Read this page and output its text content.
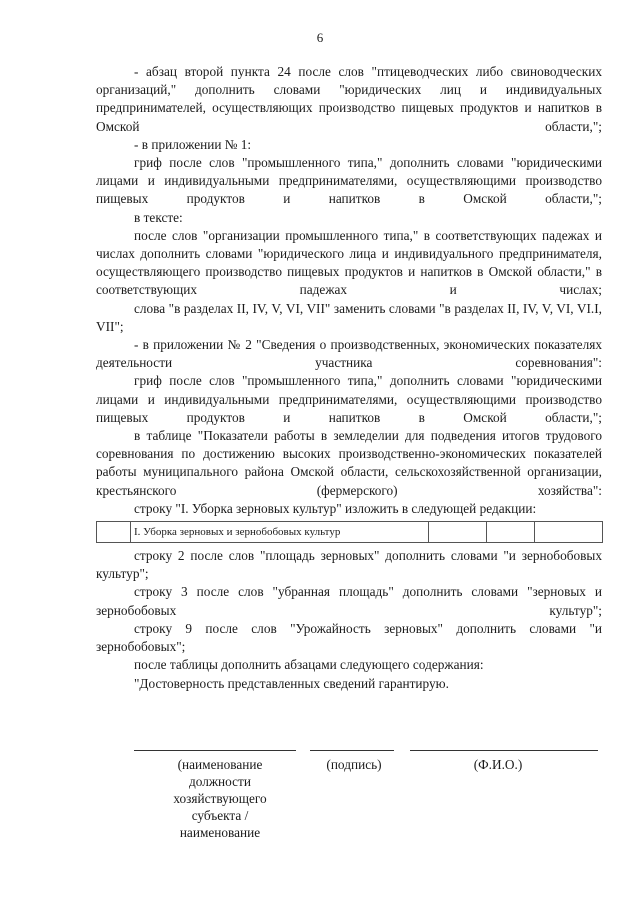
6

- абзац второй пункта 24 после слов "птицеводческих либо свиноводческих организаций," дополнить словами "юридических лиц и индивидуальных предпринимателей, осуществляющих производство пищевых продуктов и напитков в Омской области,";

- в приложении № 1:

гриф после слов "промышленного типа," дополнить словами "юридическими лицами и индивидуальными предпринимателями, осуществляющими производство пищевых продуктов и напитков в Омской области,";

в тексте:

после слов "организации промышленного типа," в соответствующих падежах и числах дополнить словами "юридического лица и индивидуального предпринимателя, осуществляющего производство пищевых продуктов и напитков в Омской области," в соответствующих падежах и числах;

слова "в разделах II, IV, V, VI, VII" заменить словами "в разделах II, IV, V, VI, VI.I, VII";

- в приложении № 2 "Сведения о производственных, экономических показателях деятельности участника соревнования":

гриф после слов "промышленного типа," дополнить словами "юридическими лицами и индивидуальными предпринимателями, осуществляющими производство пищевых продуктов и напитков в Омской области,";

в таблице "Показатели работы в земледелии для подведения итогов трудового соревнования по достижению высоких производственно-экономических показателей работы муниципального района Омской области, сельскохозяйственной организации, крестьянского (фермерского) хозяйства":

строку "I. Уборка зерновых культур" изложить в следующей редакции:

	I. Уборка зерновых и зернобобовых культур			

строку 2 после слов "площадь зерновых" дополнить словами "и зернобобовых культур";

строку 3 после слов "убранная площадь" дополнить словами "зерновых и зернобобовых культур";

строку 9 после слов "Урожайность зерновых" дополнить словами "и зернобобовых";

после таблицы дополнить абзацами следующего содержания:

"Достоверность представленных сведений гарантирую.

(наименование
должности
хозяйствующего
субъекта /
наименование
(подпись)	(Ф.И.О.)
